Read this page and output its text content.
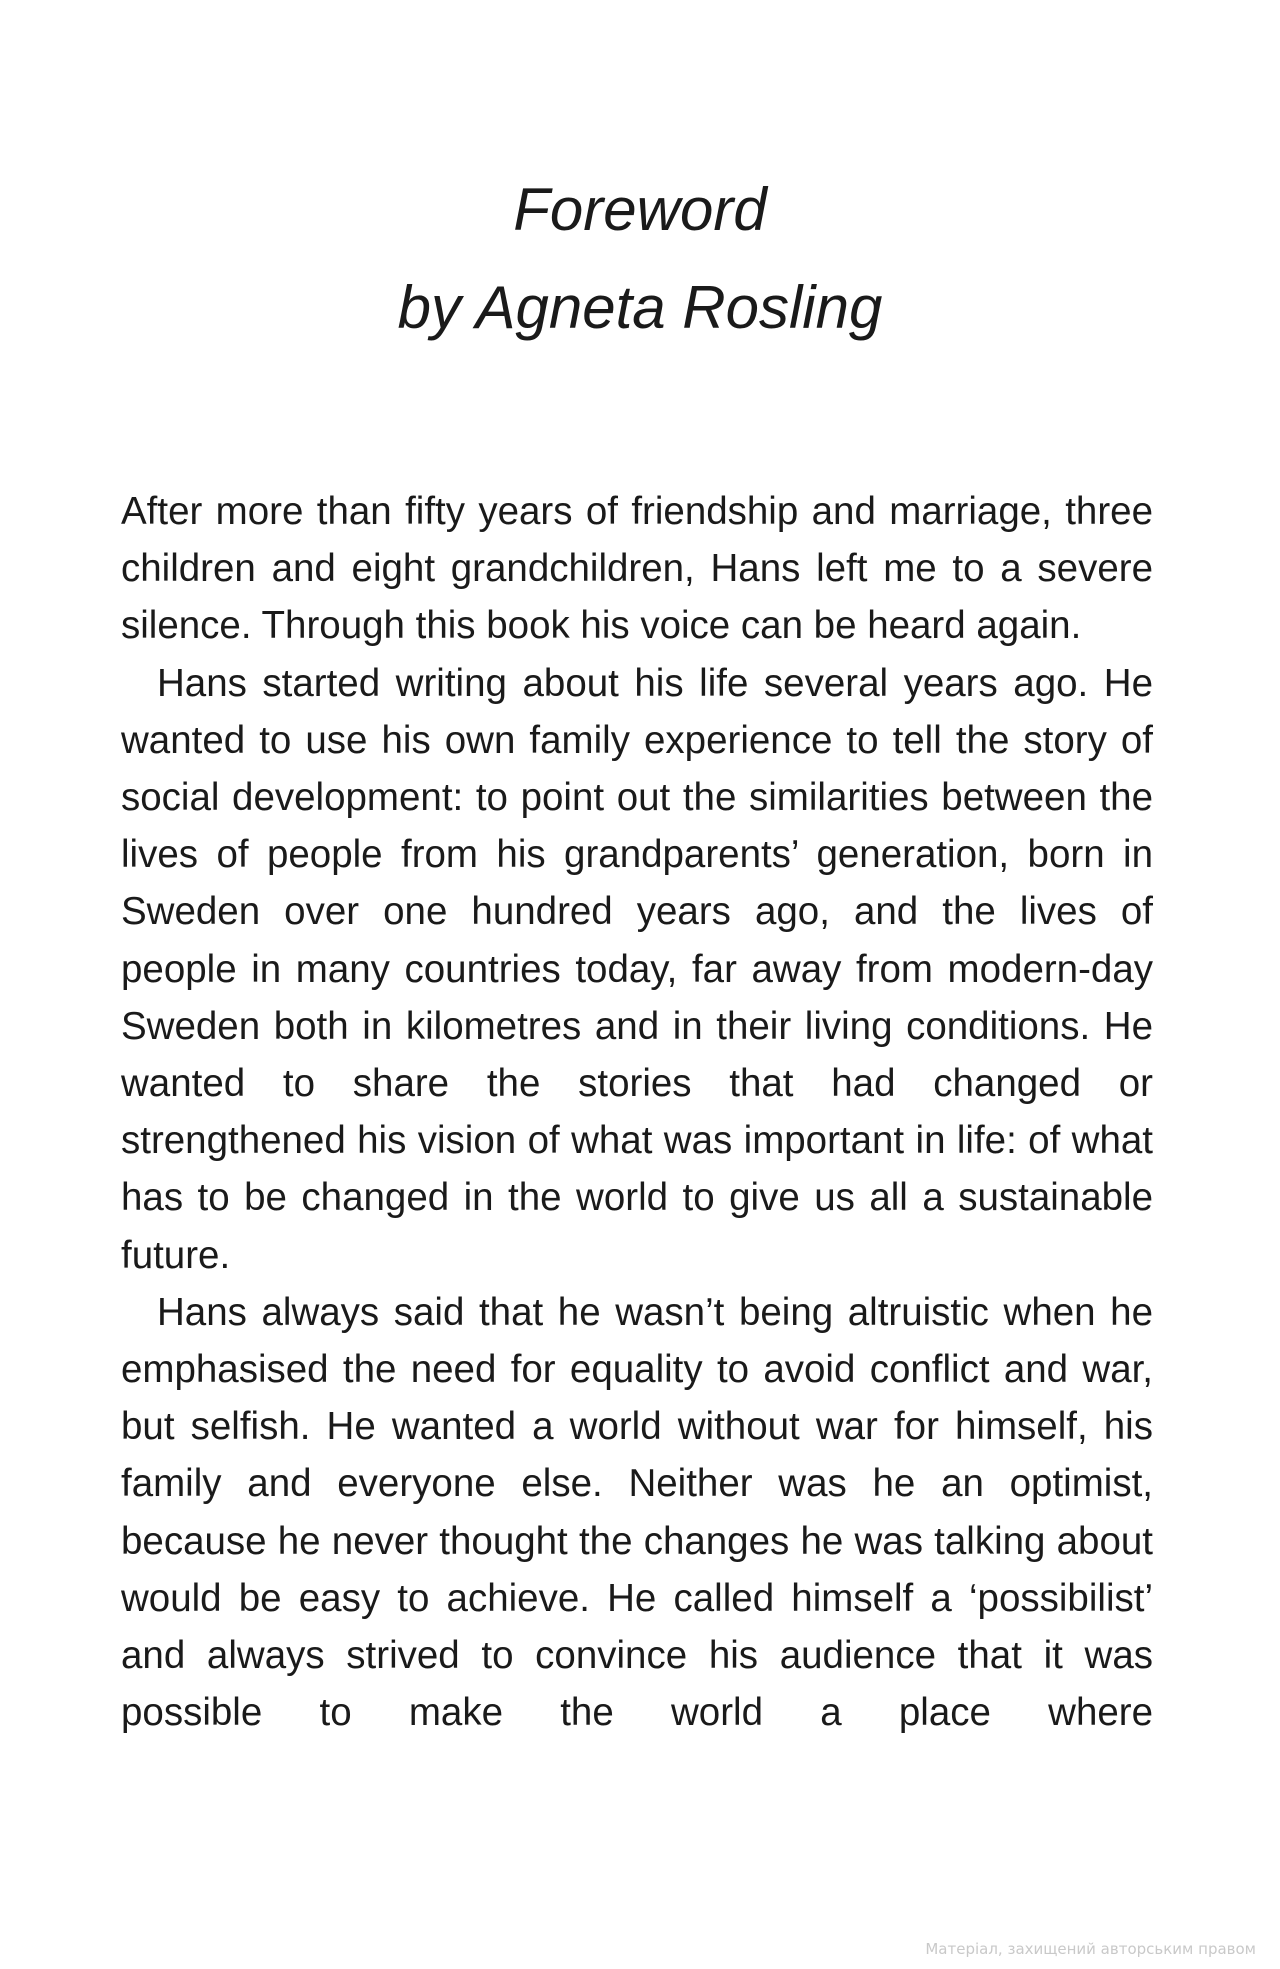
Foreword
by Agneta Rosling

After more than fifty years of friendship and marriage, three children and eight grandchildren, Hans left me to a severe silence. Through this book his voice can be heard again.

Hans started writing about his life several years ago. He wanted to use his own family experience to tell the story of social development: to point out the similarities between the lives of people from his grandparents’ generation, born in Sweden over one hundred years ago, and the lives of people in many countries today, far away from modern-day Sweden both in kilometres and in their living conditions. He wanted to share the stories that had changed or strengthened his vision of what was important in life: of what has to be changed in the world to give us all a sustainable future.

Hans always said that he wasn’t being altruistic when he emphasised the need for equality to avoid conflict and war, but selfish. He wanted a world without war for himself, his family and everyone else. Neither was he an optimist, because he never thought the changes he was talking about would be easy to achieve. He called himself a ‘possibilist’ and always strived to convince his audience that it was possible to make the world a place where

Матеріал, захищений авторським правом
